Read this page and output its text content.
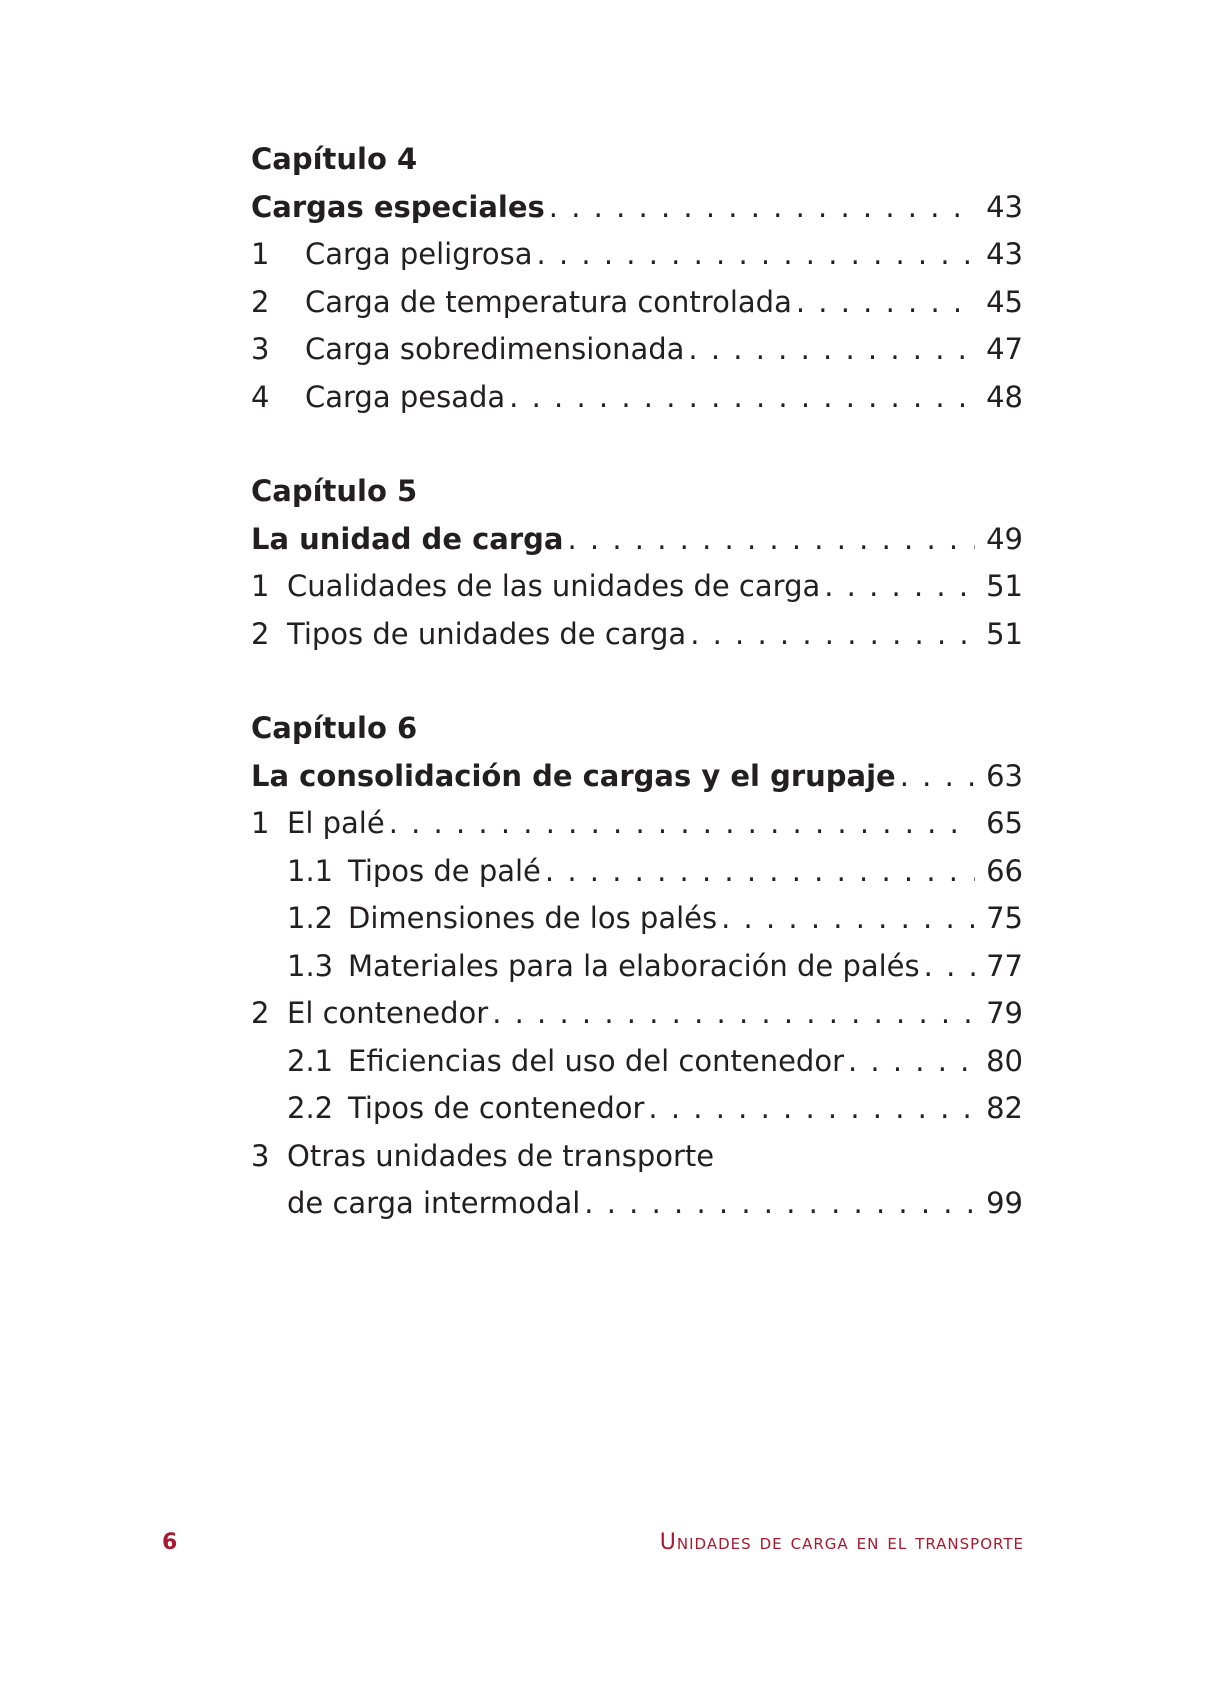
Capítulo 4
Cargas especiales . . .	43
1	Carga peligrosa . . .	43
2	Carga de temperatura controlada . . .	45
3	Carga sobredimensionada . . .	47
4	Carga pesada . . .	48
Capítulo 5
La unidad de carga . . .	49
1 Cualidades de las unidades de carga . . .	51
2 Tipos de unidades de carga . . .	51
Capítulo 6
La consolidación de cargas y el grupaje . . .	63
1 El palé . . .	65
1.1 Tipos de palé . . .	66
1.2 Dimensiones de los palés . . .	75
1.3 Materiales para la elaboración de palés . . . 77
2 El contenedor . . .	79
2.1 Eficiencias del uso del contenedor . . .	80
2.2 Tipos de contenedor . . .	82
3 Otras unidades de transporte
de carga intermodal . . .	99
6	Unidades de carga en el transporte
